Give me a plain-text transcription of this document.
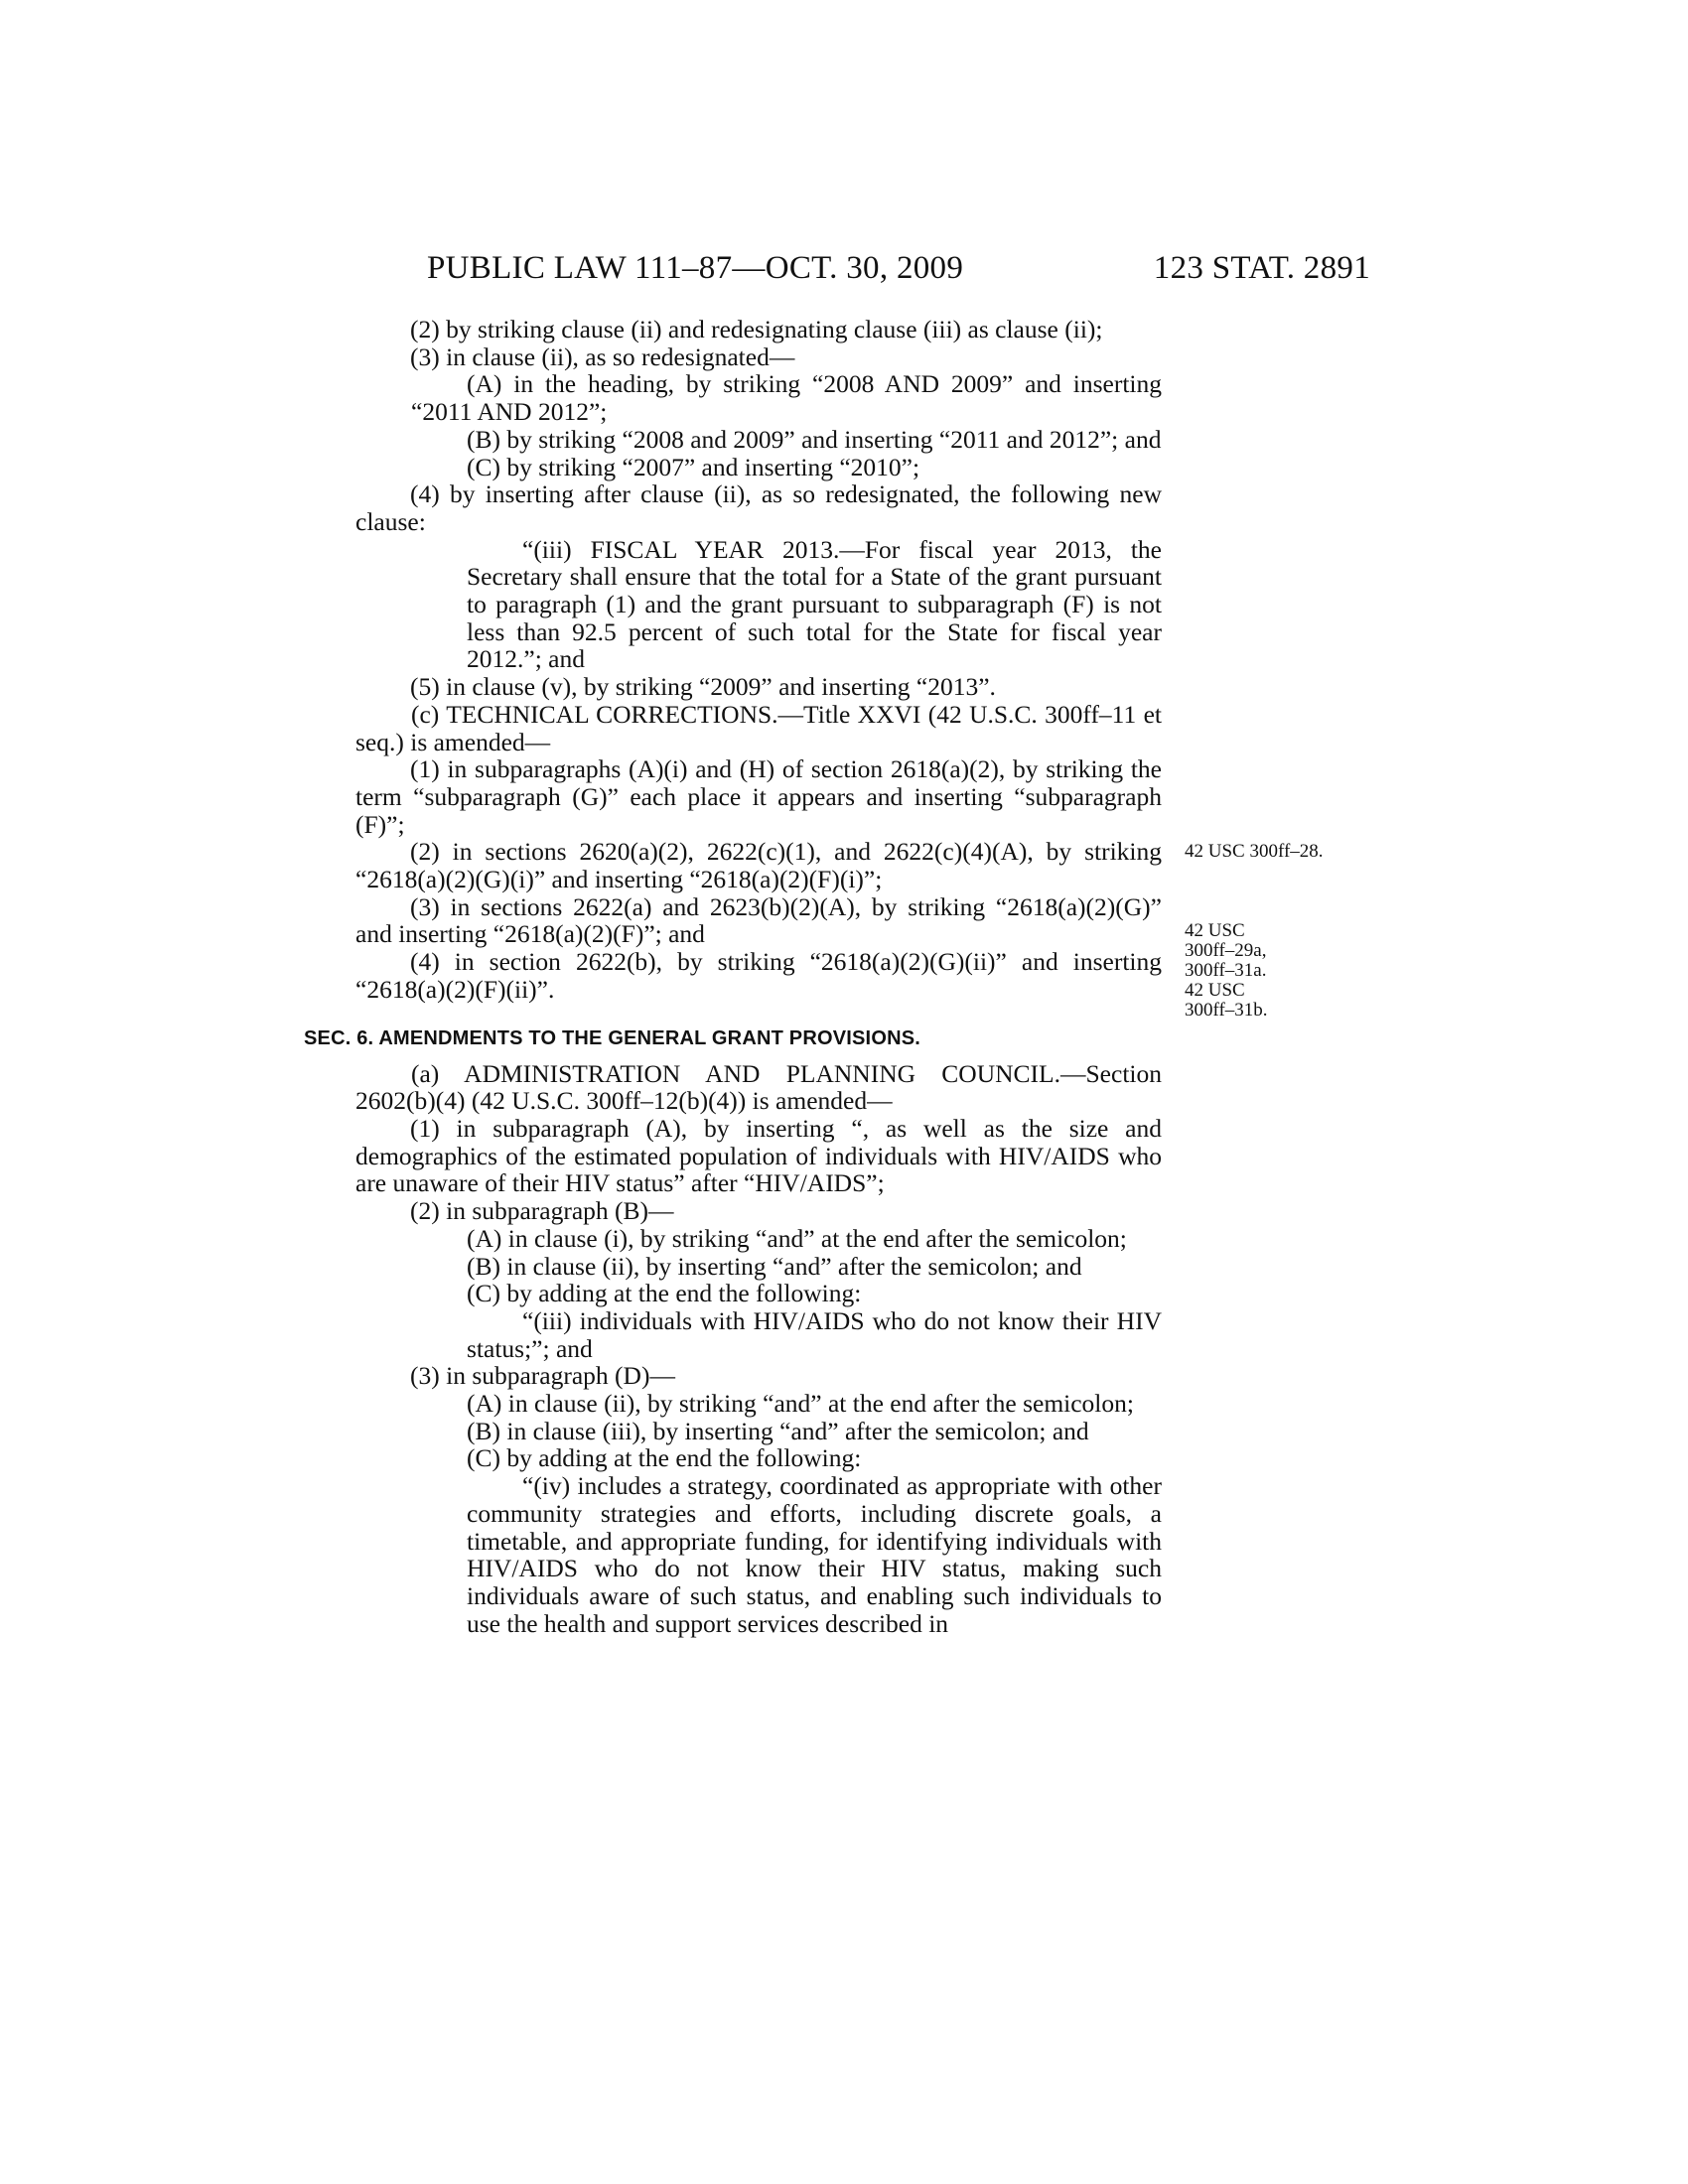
PUBLIC LAW 111–87—OCT. 30, 2009	123 STAT. 2891

(2) by striking clause (ii) and redesignating clause (iii) as clause (ii);

(3) in clause (ii), as so redesignated—

(A) in the heading, by striking “2008 AND 2009” and inserting “2011 AND 2012”;

(B) by striking “2008 and 2009” and inserting “2011 and 2012”; and

(C) by striking “2007” and inserting “2010”;

(4) by inserting after clause (ii), as so redesignated, the following new clause:

“(iii) FISCAL YEAR 2013.—For fiscal year 2013, the Secretary shall ensure that the total for a State of the grant pursuant to paragraph (1) and the grant pursuant to subparagraph (F) is not less than 92.5 percent of such total for the State for fiscal year 2012.”; and

(5) in clause (v), by striking “2009” and inserting “2013”.

(c) TECHNICAL CORRECTIONS.—Title XXVI (42 U.S.C. 300ff–11 et seq.) is amended—

(1) in subparagraphs (A)(i) and (H) of section 2618(a)(2), by striking the term “subparagraph (G)” each place it appears and inserting “subparagraph (F)”;

(2) in sections 2620(a)(2), 2622(c)(1), and 2622(c)(4)(A), by striking “2618(a)(2)(G)(i)” and inserting “2618(a)(2)(F)(i)”;

(3) in sections 2622(a) and 2623(b)(2)(A), by striking “2618(a)(2)(G)” and inserting “2618(a)(2)(F)”; and

(4) in section 2622(b), by striking “2618(a)(2)(G)(ii)” and inserting “2618(a)(2)(F)(ii)”.

SEC. 6. AMENDMENTS TO THE GENERAL GRANT PROVISIONS.

(a) ADMINISTRATION AND PLANNING COUNCIL.—Section 2602(b)(4) (42 U.S.C. 300ff–12(b)(4)) is amended—

(1) in subparagraph (A), by inserting “, as well as the size and demographics of the estimated population of individuals with HIV/AIDS who are unaware of their HIV status” after “HIV/AIDS”;

(2) in subparagraph (B)—

(A) in clause (i), by striking “and” at the end after the semicolon;

(B) in clause (ii), by inserting “and” after the semicolon; and

(C) by adding at the end the following:

“(iii) individuals with HIV/AIDS who do not know their HIV status;”; and

(3) in subparagraph (D)—

(A) in clause (ii), by striking “and” at the end after the semicolon;

(B) in clause (iii), by inserting “and” after the semicolon; and

(C) by adding at the end the following:

“(iv) includes a strategy, coordinated as appropriate with other community strategies and efforts, including discrete goals, a timetable, and appropriate funding, for identifying individuals with HIV/AIDS who do not know their HIV status, making such individuals aware of such status, and enabling such individuals to use the health and support services described in

42 USC 300ff–28.
42 USC
300ff–29a,
300ff–31a.
42 USC
300ff–31b.
